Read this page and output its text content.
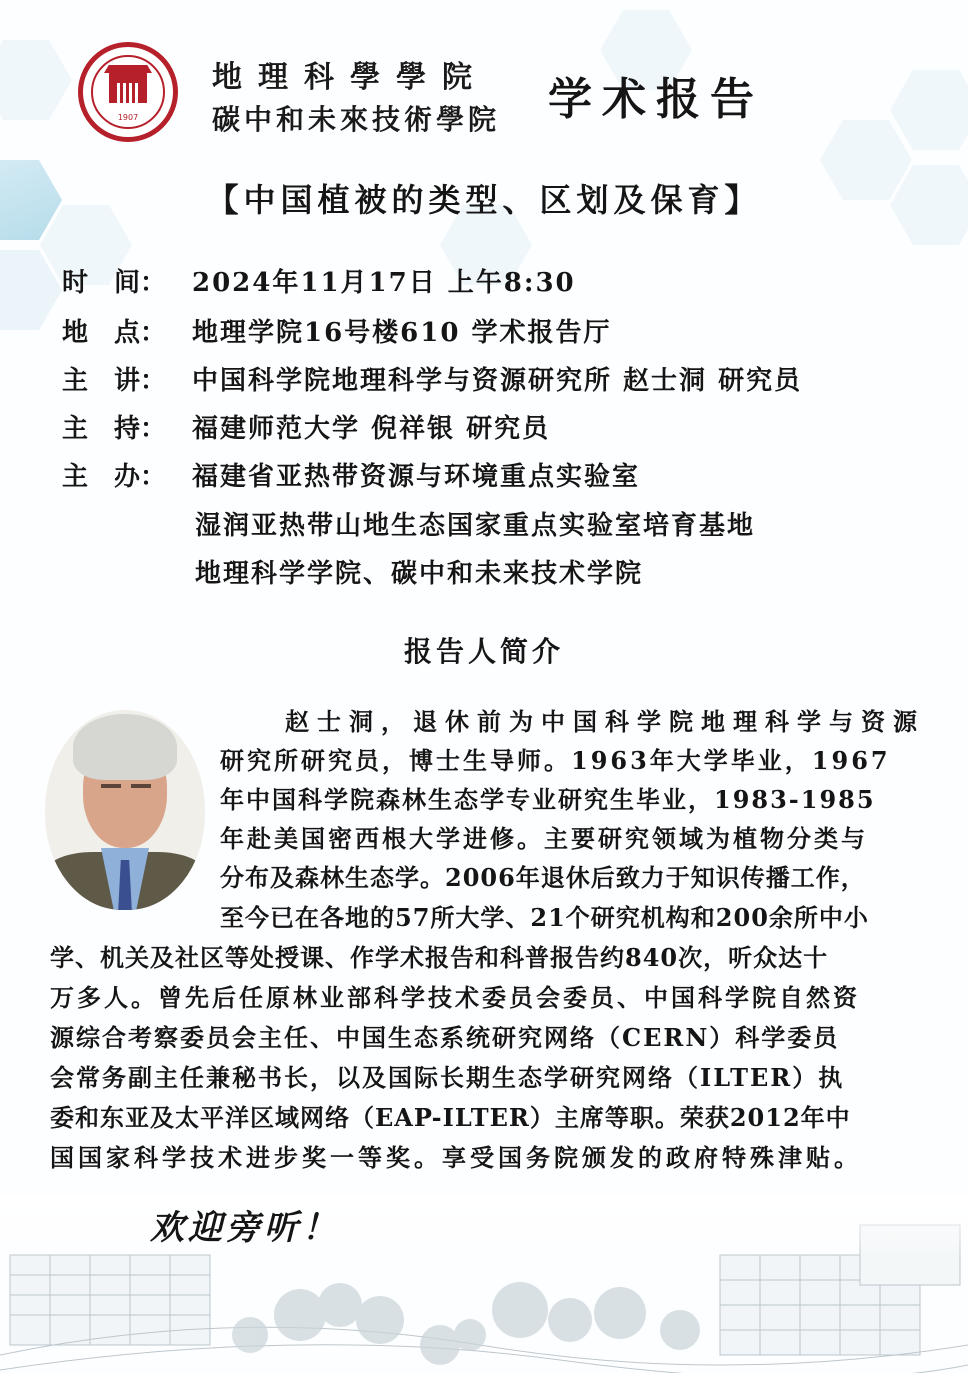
1907
地理科學學院
碳中和未來技術學院 学术报告
【中国植被的类型、区划及保育】
时　间： 2024年11月17日 上午8:30
地　点： 地理学院16号楼610 学术报告厅
主　讲： 中国科学院地理科学与资源研究所 赵士洞 研究员
主　持： 福建师范大学 倪祥银 研究员
主　办： 福建省亚热带资源与环境重点实验室
湿润亚热带山地生态国家重点实验室培育基地
地理科学学院、碳中和未来技术学院
报告人简介
赵士洞，退休前为中国科学院地理科学与资源
研究所研究员，博士生导师。1963年大学毕业，1967
年中国科学院森林生态学专业研究生毕业，1983-1985
年赴美国密西根大学进修。主要研究领域为植物分类与
分布及森林生态学。2006年退休后致力于知识传播工作，
至今已在各地的57所大学、21个研究机构和200余所中小
学、机关及社区等处授课、作学术报告和科普报告约840次，听众达十
万多人。曾先后任原林业部科学技术委员会委员、中国科学院自然资
源综合考察委员会主任、中国生态系统研究网络（CERN）科学委员
会常务副主任兼秘书长，以及国际长期生态学研究网络（ILTER）执
委和东亚及太平洋区域网络（EAP-ILTER）主席等职。荣获2012年中
国国家科学技术进步奖一等奖。享受国务院颁发的政府特殊津贴。
欢迎旁听！
